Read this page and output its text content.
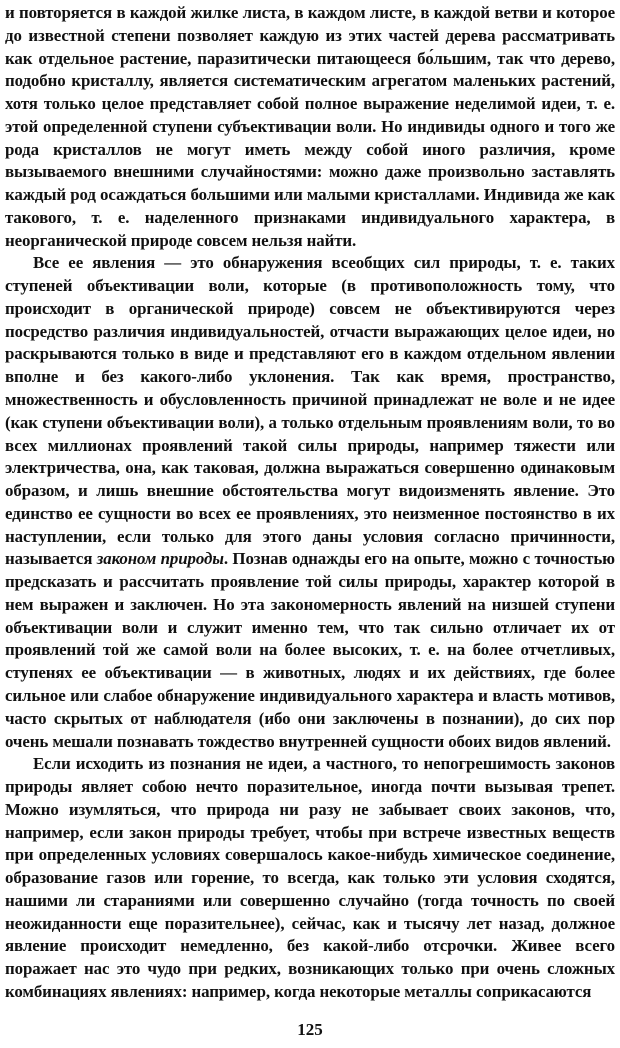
и повторяется в каждой жилке листа, в каждом листе, в каждой ветви и которое до известной степени позволяет каждую из этих частей дерева рассматривать как отдельное растение, паразитически питающееся бо́льшим, так что дерево, подобно кристаллу, является систематическим агрегатом маленьких растений, хотя только целое представляет собой полное выражение неделимой идеи, т. е. этой определенной ступени субъективации воли. Но индивиды одного и того же рода кристаллов не могут иметь между собой иного различия, кроме вызываемого внешними случайностями: можно даже произвольно заставлять каждый род осаждаться большими или малыми кристаллами. Индивида же как такового, т. е. наделенного признаками индивидуального характера, в неорганической природе совсем нельзя найти.

Все ее явления — это обнаружения всеобщих сил природы, т. е. таких ступеней объективации воли, которые (в противоположность тому, что происходит в органической природе) совсем не объективируются через посредство различия индивидуальностей, отчасти выражающих целое идеи, но раскрываются только в виде и представляют его в каждом отдельном явлении вполне и без какого-либо уклонения. Так как время, пространство, множественность и обусловленность причиной принадлежат не воле и не идее (как ступени объективации воли), а только отдельным проявлениям воли, то во всех миллионах проявлений такой силы природы, например тяжести или электричества, она, как таковая, должна выражаться совершенно одинаковым образом, и лишь внешние обстоятельства могут видоизменять явление. Это единство ее сущности во всех ее проявлениях, это неизменное постоянство в их наступлении, если только для этого даны условия согласно причинности, называется законом природы. Познав однажды его на опыте, можно с точностью предсказать и рассчитать проявление той силы природы, характер которой в нем выражен и заключен. Но эта закономерность явлений на низшей ступени объективации воли и служит именно тем, что так сильно отличает их от проявлений той же самой воли на более высоких, т. е. на более отчетливых, ступенях ее объективации — в животных, людях и их действиях, где более сильное или слабое обнаружение индивидуального характера и власть мотивов, часто скрытых от наблюдателя (ибо они заключены в познании), до сих пор очень мешали познавать тождество внутренней сущности обоих видов явлений.

Если исходить из познания не идеи, а частного, то непогрешимость законов природы являет собою нечто поразительное, иногда почти вызывая трепет. Можно изумляться, что природа ни разу не забывает своих законов, что, например, если закон природы требует, чтобы при встрече известных веществ при определенных условиях совершалось какое-нибудь химическое соединение, образование газов или горение, то всегда, как только эти условия сходятся, нашими ли стараниями или совершенно случайно (тогда точность по своей неожиданности еще поразительнее), сейчас, как и тысячу лет назад, должное явление происходит немедленно, без какой-либо отсрочки. Живее всего поражает нас это чудо при редких, возникающих только при очень сложных комбинациях явлениях: например, когда некоторые металлы соприкасаются

125
